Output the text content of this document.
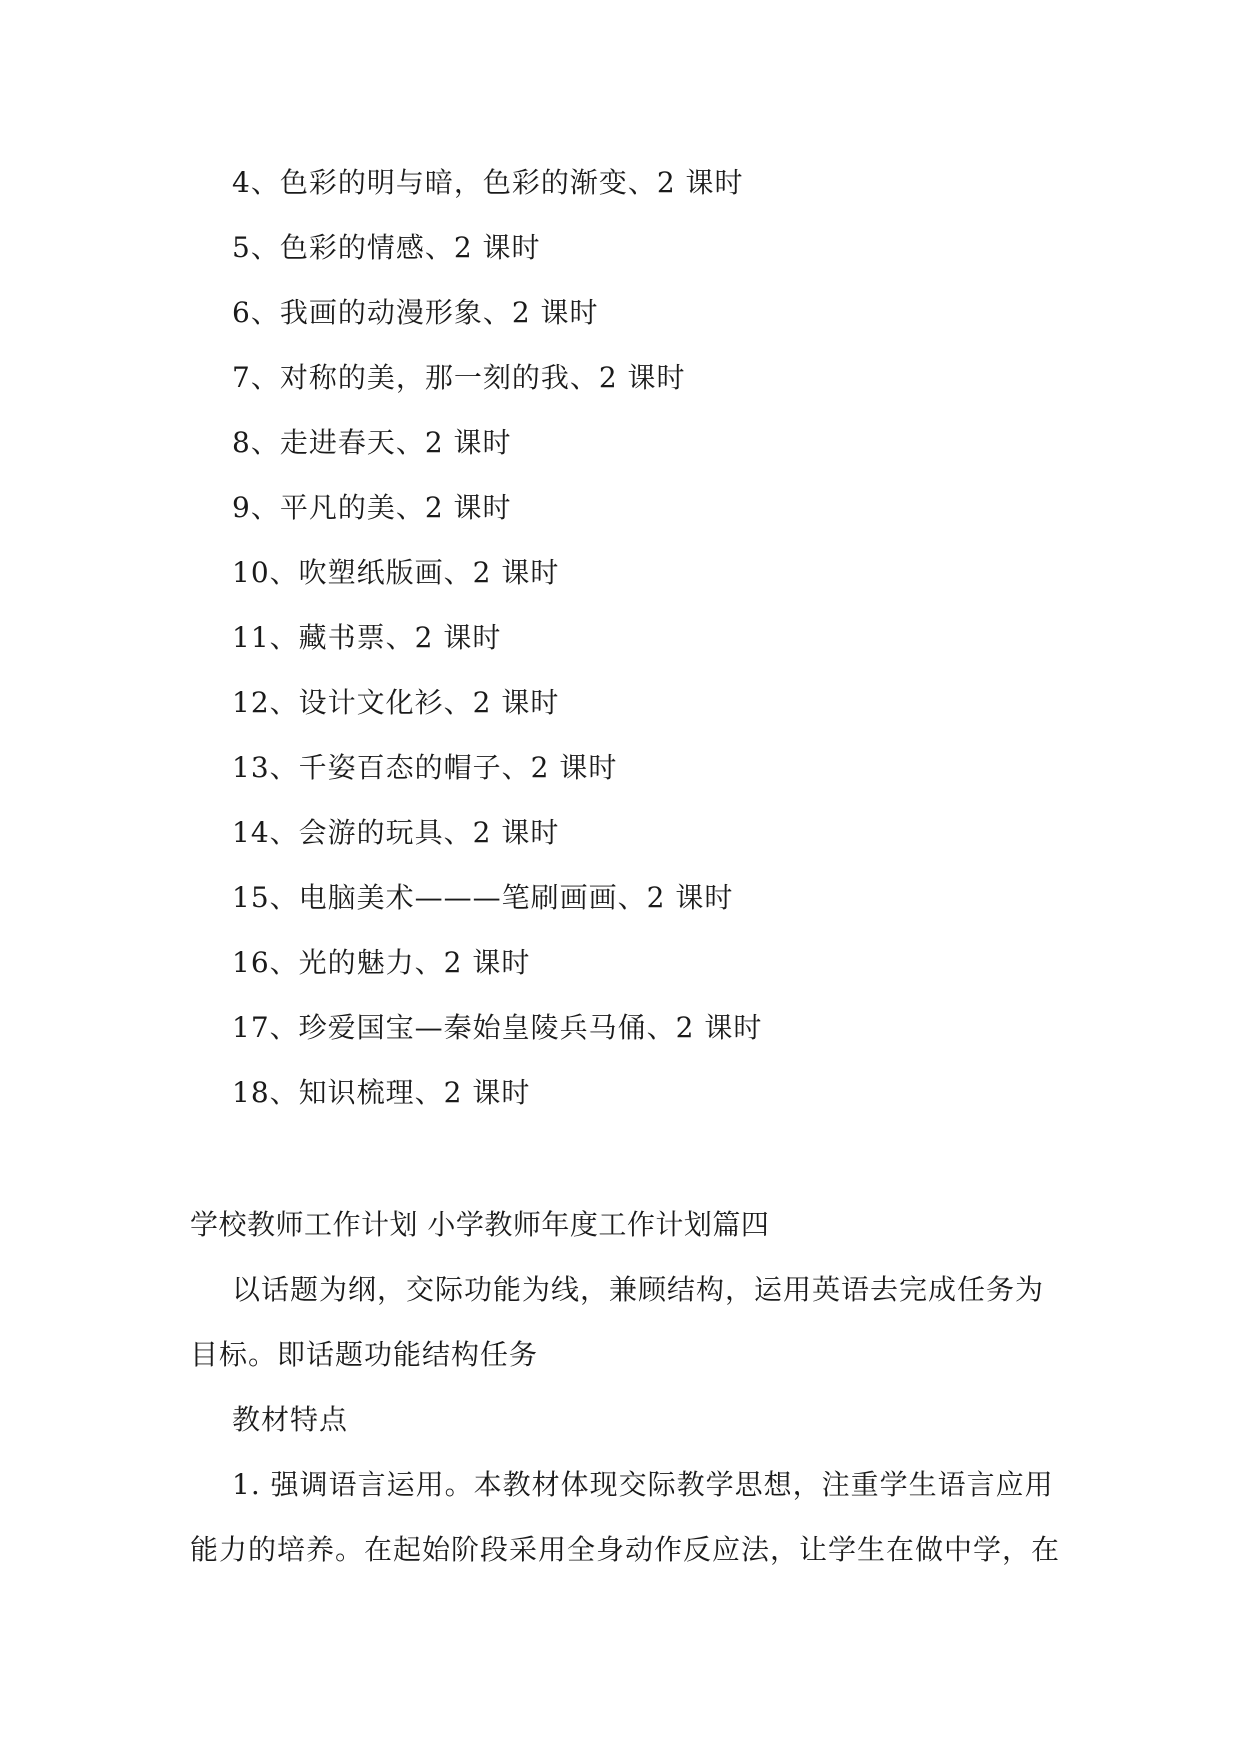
4、色彩的明与暗，色彩的渐变、2 课时
5、色彩的情感、2 课时
6、我画的动漫形象、2 课时
7、对称的美，那一刻的我、2 课时
8、走进春天、2 课时
9、平凡的美、2 课时
10、吹塑纸版画、2 课时
11、藏书票、2 课时
12、设计文化衫、2 课时
13、千姿百态的帽子、2 课时
14、会游的玩具、2 课时
15、电脑美术———笔刷画画、2 课时
16、光的魅力、2 课时
17、珍爱国宝—秦始皇陵兵马俑、2 课时
18、知识梳理、2 课时
学校教师工作计划 小学教师年度工作计划篇四
以话题为纲，交际功能为线，兼顾结构，运用英语去完成任务为
目标。即话题功能结构任务
教材特点
1. 强调语言运用。本教材体现交际教学思想，注重学生语言应用
能力的培养。在起始阶段采用全身动作反应法，让学生在做中学，在
